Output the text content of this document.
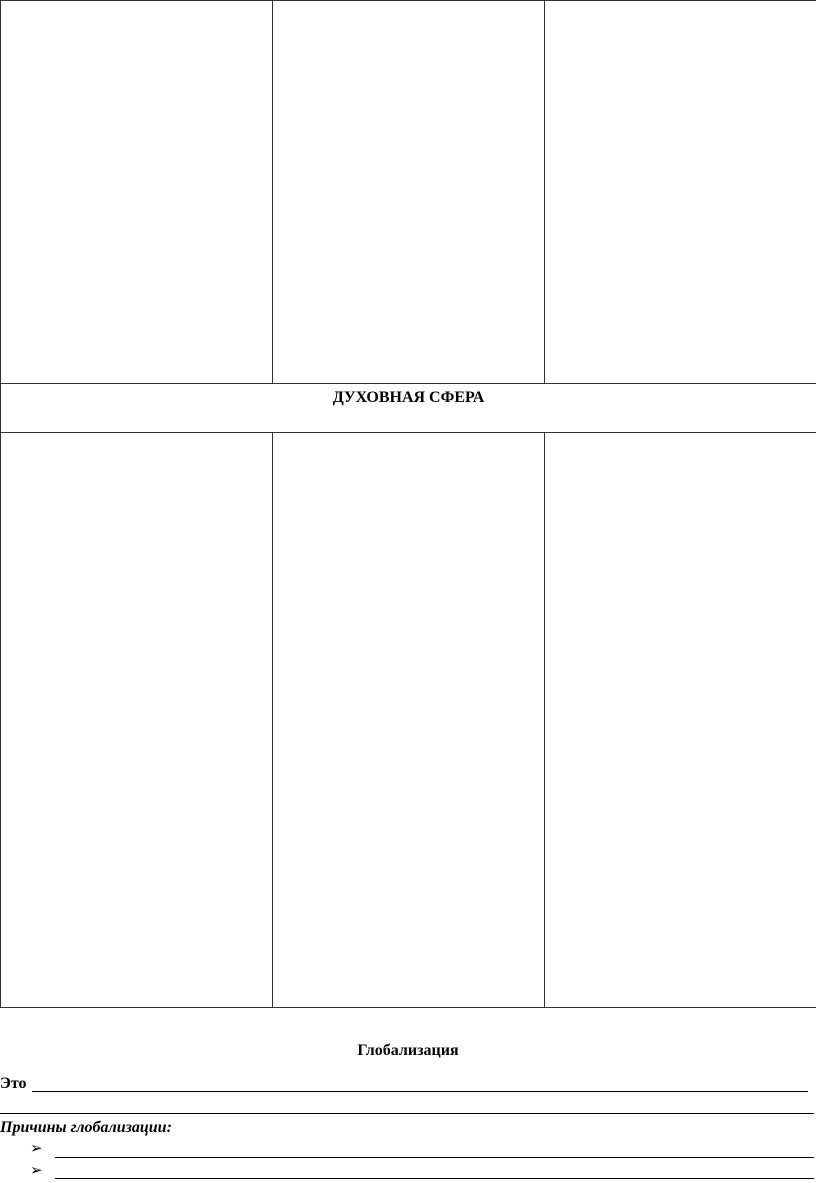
ДУХОВНАЯ СФЕРА		

Глобализация
Это
Причины глобализации:
➢
➢
